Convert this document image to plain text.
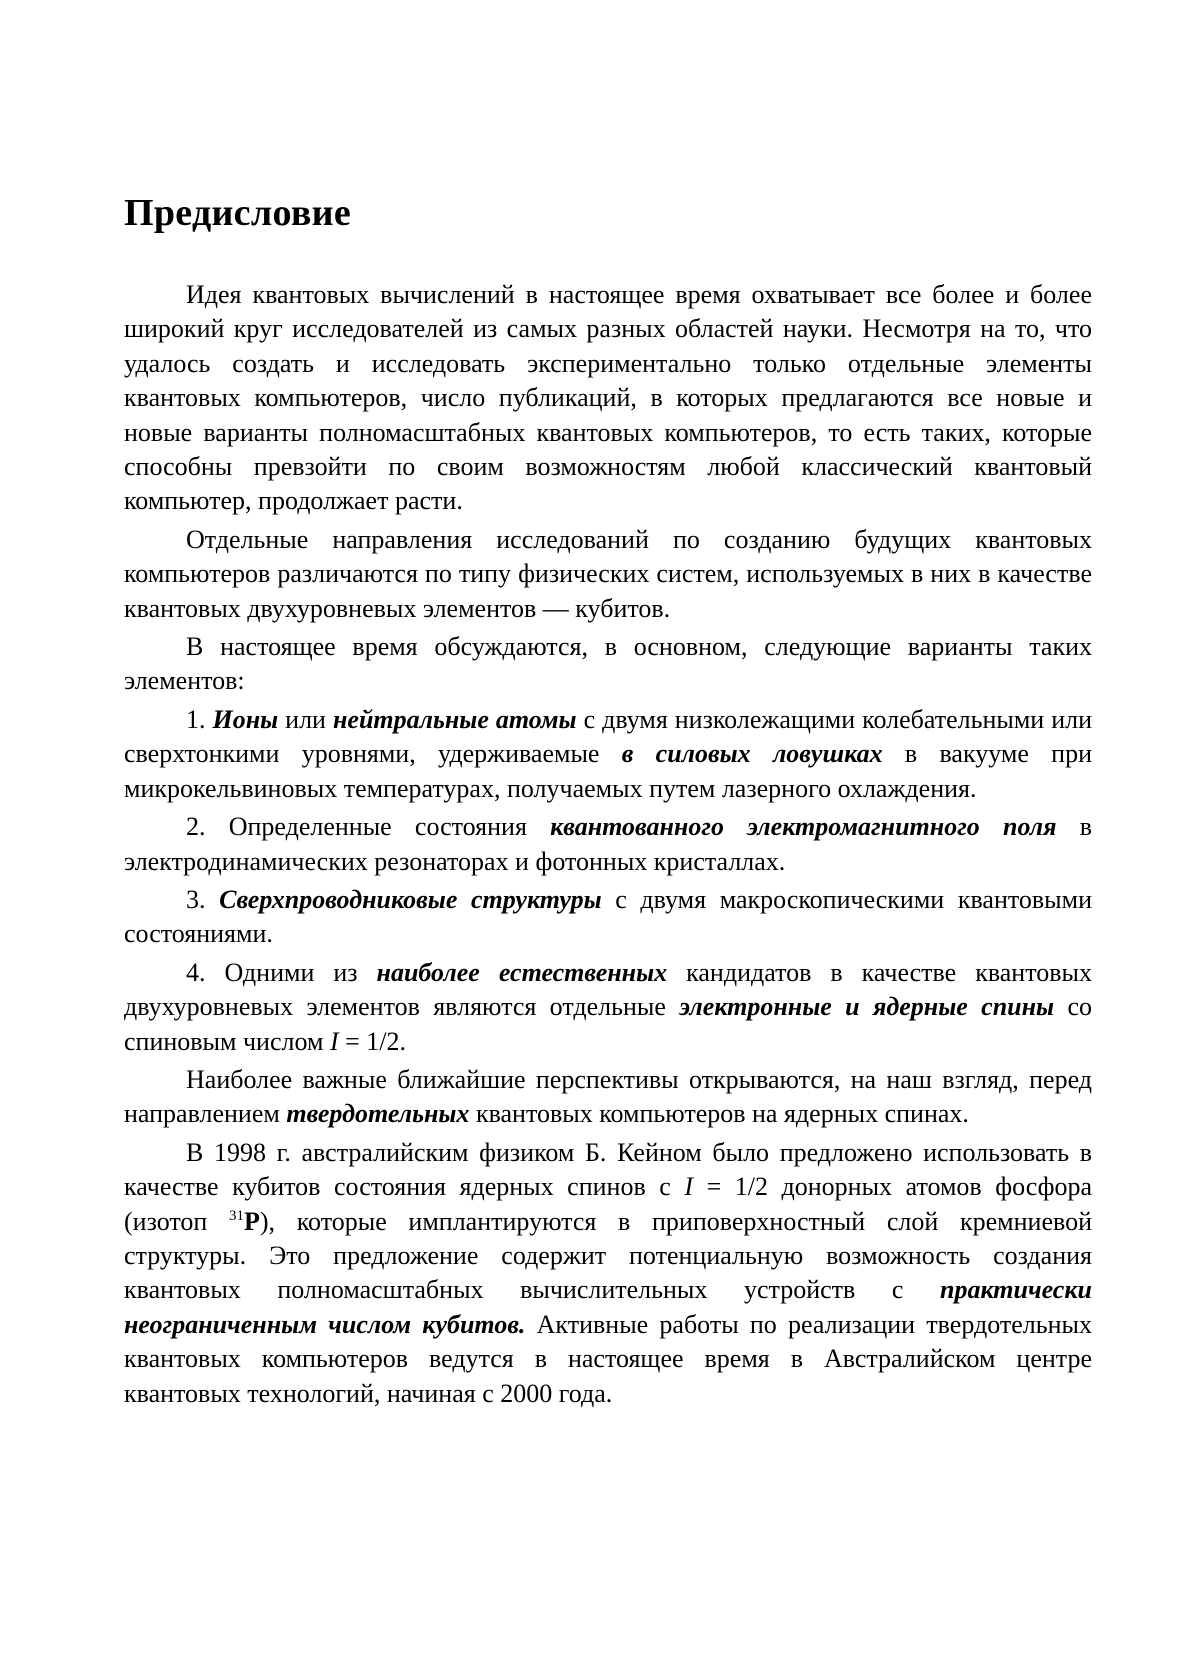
Предисловие

Идея квантовых вычислений в настоящее время охватывает все более и более широкий круг исследователей из самых разных областей науки. Несмотря на то, что удалось создать и исследовать экспериментально только отдельные элементы квантовых компьютеров, число публикаций, в которых предлагаются все новые и новые варианты полномасштабных квантовых компьютеров, то есть таких, которые способны превзойти по своим возможностям любой классический квантовый компьютер, продолжает расти.

Отдельные направления исследований по созданию будущих квантовых компьютеров различаются по типу физических систем, используемых в них в качестве квантовых двухуровневых элементов — кубитов.

В настоящее время обсуждаются, в основном, следующие варианты таких элементов:

1. Ионы или нейтральные атомы с двумя низколежащими колебательными или сверхтонкими уровнями, удерживаемые в силовых ловушках в вакууме при микрокельвиновых температурах, получаемых путем лазерного охлаждения.

2. Определенные состояния квантованного электромагнитного поля в электродинамических резонаторах и фотонных кристаллах.

3. Сверхпроводниковые структуры с двумя макроскопическими квантовыми состояниями.

4. Одними из наиболее естественных кандидатов в качестве квантовых двухуровневых элементов являются отдельные электронные и ядерные спины со спиновым числом I = 1/2.

Наиболее важные ближайшие перспективы открываются, на наш взгляд, перед направлением твердотельных квантовых компьютеров на ядерных спинах.

В 1998 г. австралийским физиком Б. Кейном было предложено использовать в качестве кубитов состояния ядерных спинов с I = 1/2 донорных атомов фосфора (изотоп $^{31}$P), которые имплантируются в приповерхностный слой кремниевой структуры. Это предложение содержит потенциальную возможность создания квантовых полномасштабных вычислительных устройств с практически неограниченным числом кубитов. Активные работы по реализации твердотельных квантовых компьютеров ведутся в настоящее время в Австралийском центре квантовых технологий, начиная с 2000 года.
